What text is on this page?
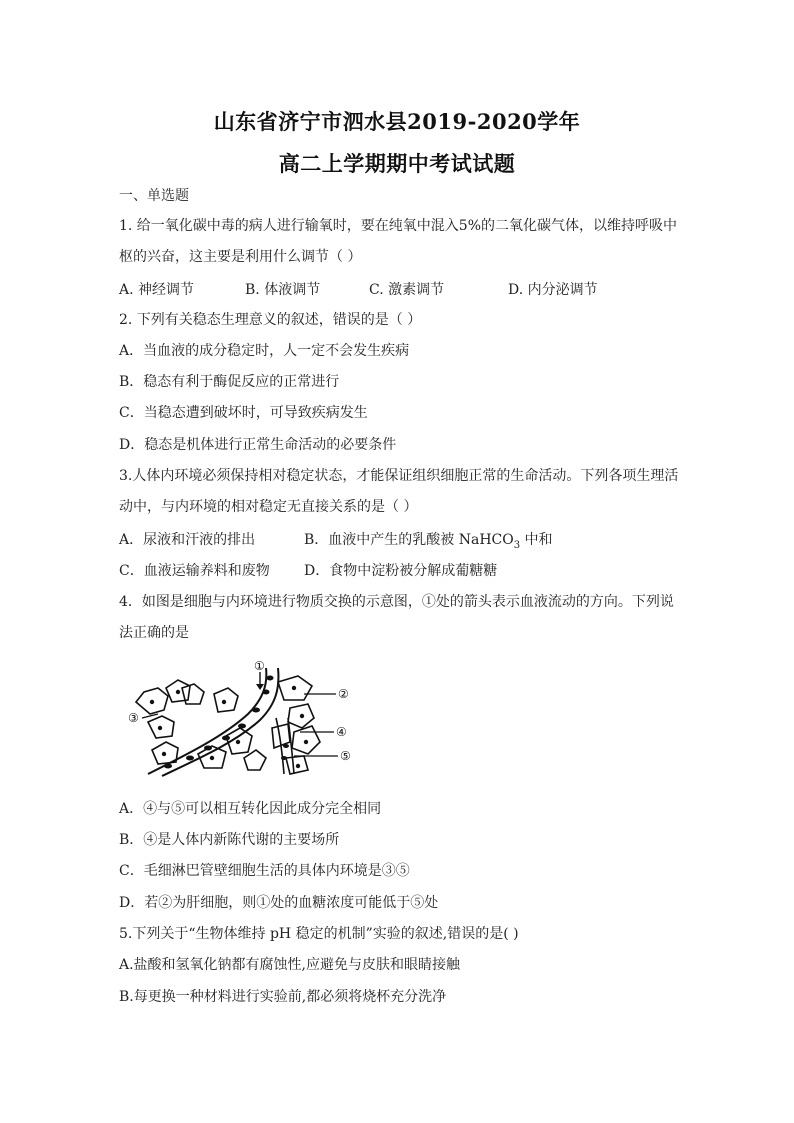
山东省济宁市泗水县2019-2020学年
高二上学期期中考试试题
一、单选题
1. 给一氧化碳中毒的病人进行输氧时，要在纯氧中混入5%的二氧化碳气体，以维持呼吸中
枢的兴奋，这主要是利用什么调节（ ）
A. 神经调节	B. 体液调节	C. 激素调节	D. 内分泌调节
2. 下列有关稳态生理意义的叙述，错误的是（ ）
A．当血液的成分稳定时，人一定不会发生疾病
B．稳态有利于酶促反应的正常进行
C．当稳态遭到破坏时，可导致疾病发生
D．稳态是机体进行正常生命活动的必要条件
3.人体内环境必须保持相对稳定状态，才能保证组织细胞正常的生命活动。下列各项生理活
动中，与内环境的相对稳定无直接关系的是（ ）
A．尿液和汗液的排出	B．血液中产生的乳酸被 NaHCO$_3$ 中和
C．血液运输养料和废物 D．食物中淀粉被分解成葡糖糖
4．如图是细胞与内环境进行物质交换的示意图，①处的箭头表示血液流动的方向。下列说
法正确的是
①
②
③
④
⑤
A．④与⑤可以相互转化因此成分完全相同
B．④是人体内新陈代谢的主要场所
C．毛细淋巴管壁细胞生活的具体内环境是③⑤
D．若②为肝细胞，则①处的血糖浓度可能低于⑤处
5.下列关于“生物体维持 pH 稳定的机制”实验的叙述,错误的是( )
A.盐酸和氢氧化钠都有腐蚀性,应避免与皮肤和眼睛接触
B.每更换一种材料进行实验前,都必须将烧杯充分洗净
